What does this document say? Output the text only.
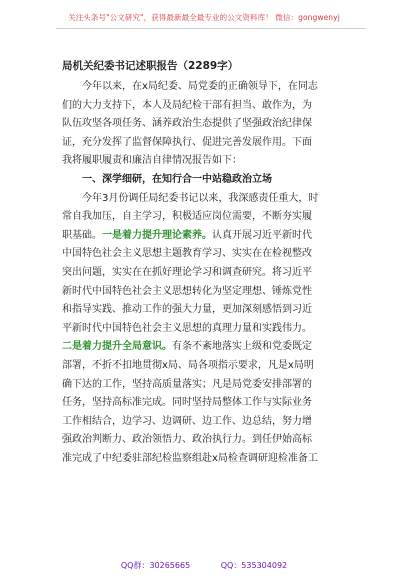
关注头条号"公文研究"，获得最新最全最专业的公文资料库！ 微信：gongwenyj
局机关纪委书记述职报告（2289字）
今年以来，在x局纪委、局党委的正确领导下，在同志
们的大力支持下，本人及局纪检干部有担当、敢作为，为
队伍攻坚各项任务、涵养政治生态提供了坚强政治纪律保
证，充分发挥了监督保障执行、促进完善发展作用。下面
我将履职履责和廉洁自律情况报告如下：
一、深学细研，在知行合一中站稳政治立场
今年3月份调任局纪委书记以来，我深感责任重大，时
常自我加压，自主学习，积极适应岗位需要，不断夯实履
职基础。一是着力提升理论素养。认真开展习近平新时代
中国特色社会主义思想主题教育学习、实实在在检视整改
突出问题，实实在在抓好理论学习和调查研究。将习近平
新时代中国特色社会主义思想转化为坚定理想、锤炼党性
和指导实践、推动工作的强大力量，更加深刻感悟到习近
平新时代中国特色社会主义思想的真理力量和实践伟力。
二是着力提升全局意识。有条不紊地落实上级和党委既定
部署，不折不扣地贯彻x局、局各项指示要求，凡是x局明
确下达的工作，坚持高质量落实；凡是局党委安排部署的
任务，坚持高标准完成。同时坚持局整体工作与实际业务
工作相结合，边学习、边调研、边工作、边总结，努力增
强政治判断力、政治领悟力、政治执行力。到任伊始高标
准完成了中纪委驻部纪检监察组赴x局检查调研迎检准备工
QQ群：30265665	QQ：535304092
